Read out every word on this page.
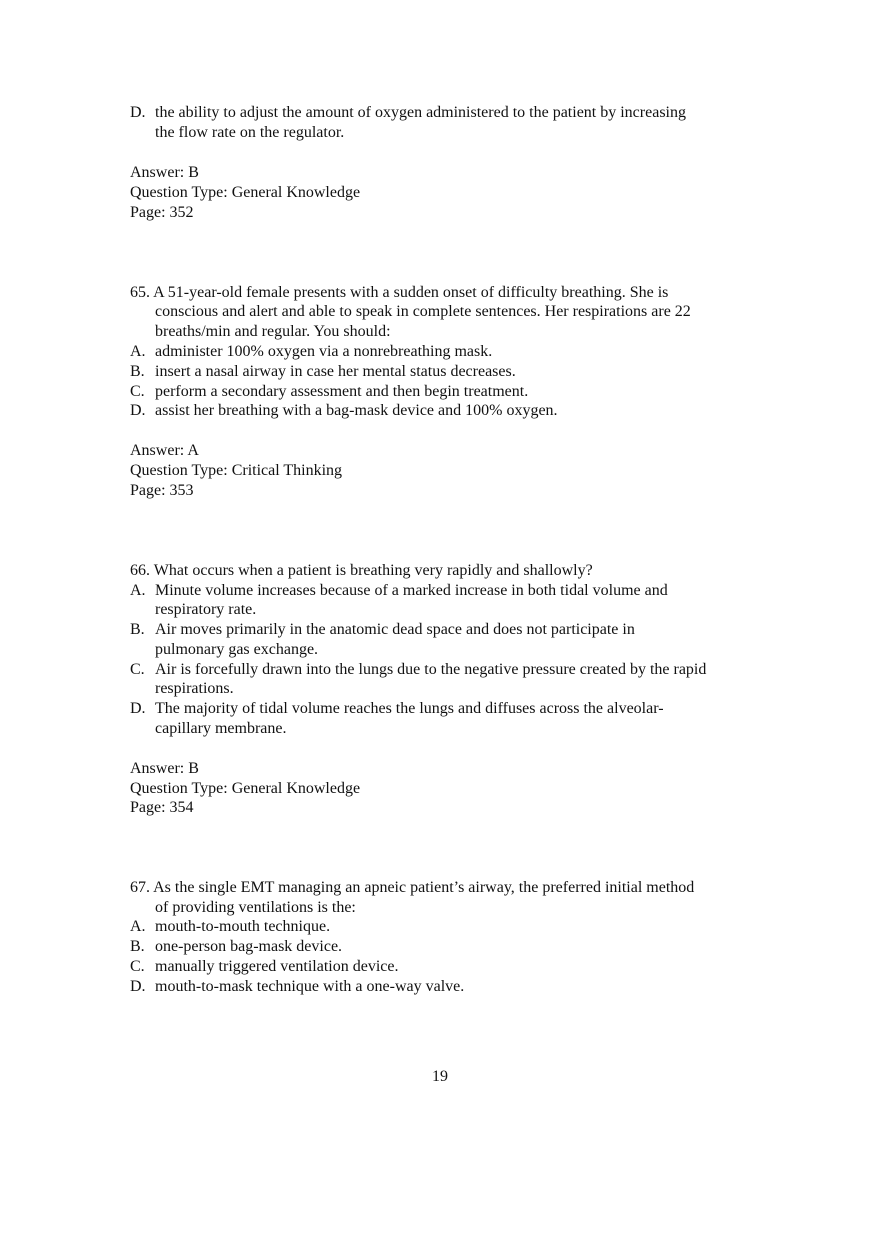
D. the ability to adjust the amount of oxygen administered to the patient by increasing
the flow rate on the regulator.
Answer: B
Question Type: General Knowledge
Page: 352
65. A 51-year-old female presents with a sudden onset of difficulty breathing. She is
conscious and alert and able to speak in complete sentences. Her respirations are 22
breaths/min and regular. You should:
A. administer 100% oxygen via a nonrebreathing mask.
B. insert a nasal airway in case her mental status decreases.
C. perform a secondary assessment and then begin treatment.
D. assist her breathing with a bag-mask device and 100% oxygen.
Answer: A
Question Type: Critical Thinking
Page: 353
66. What occurs when a patient is breathing very rapidly and shallowly?
A. Minute volume increases because of a marked increase in both tidal volume and
respiratory rate.
B. Air moves primarily in the anatomic dead space and does not participate in
pulmonary gas exchange.
C. Air is forcefully drawn into the lungs due to the negative pressure created by the rapid
respirations.
D. The majority of tidal volume reaches the lungs and diffuses across the alveolar-
capillary membrane.
Answer: B
Question Type: General Knowledge
Page: 354
67. As the single EMT managing an apneic patient’s airway, the preferred initial method
of providing ventilations is the:
A. mouth-to-mouth technique.
B. one-person bag-mask device.
C. manually triggered ventilation device.
D. mouth-to-mask technique with a one-way valve.
19
